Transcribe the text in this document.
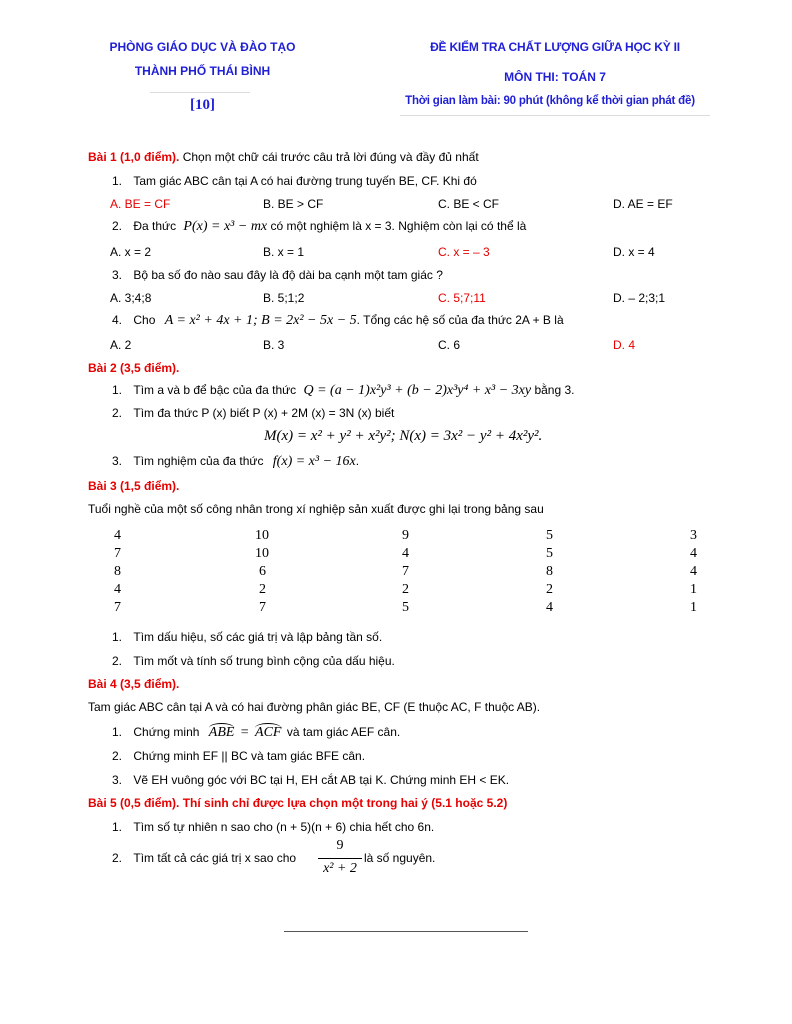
PHÒNG GIÁO DỤC VÀ ĐÀO TẠO
THÀNH PHỐ THÁI BÌNH
[10]
ĐỀ KIỂM TRA CHẤT LƯỢNG GIỮA HỌC KỲ II
MÔN THI: TOÁN 7
Thời gian làm bài: 90 phút (không kể thời gian phát đề)
Bài 1 (1,0 điểm). Chọn một chữ cái trước câu trả lời đúng và đầy đủ nhất
1. Tam giác ABC cân tại A có hai đường trung tuyến BE, CF. Khi đó
A. BE = CF	B. BE > CF	C. BE < CF	D. AE = EF
2. Đa thức P(x) = x³ − mx có một nghiệm là x = 3. Nghiệm còn lại có thể là
A. x = 2	B. x = 1	C. x = – 3	D. x = 4
3. Bộ ba số đo nào sau đây là độ dài ba cạnh một tam giác ?
A. 3;4;8	B. 5;1;2	C. 5;7;11	D. – 2;3;1
4. Cho A = x² + 4x + 1; B = 2x² − 5x − 5. Tổng các hệ số của đa thức 2A + B là
A. 2	B. 3	C. 6	D. 4
Bài 2 (3,5 điểm).
1. Tìm a và b để bậc của đa thức Q = (a − 1)x²y³ + (b − 2)x³y⁴ + x³ − 3xy bằng 3.
2. Tìm đa thức P (x) biết P (x) + 2M (x) = 3N (x) biết
M(x) = x² + y² + x²y²; N(x) = 3x² − y² + 4x²y².
3. Tìm nghiệm của đa thức f(x) = x³ − 16x.
Bài 3 (1,5 điểm).
Tuổi nghề của một số công nhân trong xí nghiệp sản xuất được ghi lại trong bảng sau
4	10	9	5	3
7	10	4	5	4
8	6	7	8	4
4	2	2	2	1
7	7	5	4	1
1. Tìm dấu hiệu, số các giá trị và lập bảng tần số.
2. Tìm mốt và tính số trung bình cộng của dấu hiệu.
Bài 4 (3,5 điểm).
Tam giác ABC cân tại A và có hai đường phân giác BE, CF (E thuộc AC, F thuộc AB).
1. Chứng minh ABE = ACF và tam giác AEF cân.
2. Chứng minh EF || BC và tam giác BFE cân.
3. Vẽ EH vuông góc với BC tại H, EH cắt AB tại K. Chứng minh EH < EK.
Bài 5 (0,5 điểm). Thí sinh chỉ được lựa chọn một trong hai ý (5.1 hoặc 5.2)
1. Tìm số tự nhiên n sao cho (n + 5)(n + 6) chia hết cho 6n.
2. Tìm tất cả các giá trị x sao cho
9
x² + 2
là số nguyên.
